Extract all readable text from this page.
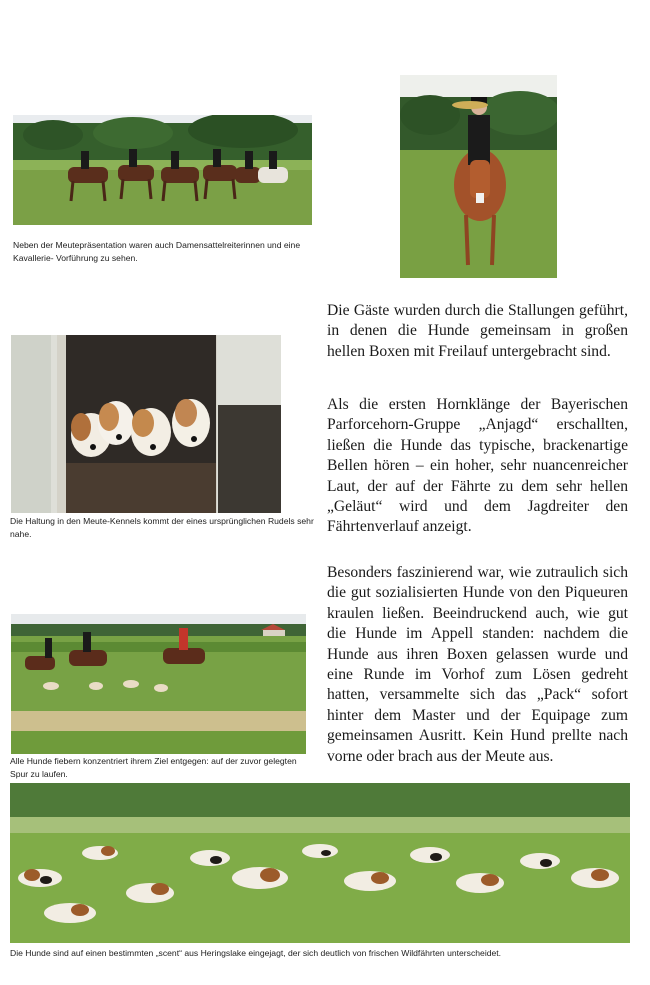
Neben der Meutepräsentation waren auch Damensattelreiterinnen und eine Kavallerie- Vorführung zu sehen.
Die Haltung in den Meute-Kennels kommt der eines ursprünglichen Rudels sehr nahe.
Alle Hunde fiebern konzentriert ihrem Ziel entgegen: auf der zuvor gelegten Spur zu laufen.
Die Hunde sind auf einen bestimmten „scent“ aus Heringslake eingejagt, der sich deutlich von frischen Wildfährten unterscheidet.

Die Gäste wurden durch die Stallungen geführt, in denen die Hunde gemeinsam in großen hellen Boxen mit Freilauf untergebracht sind.

Als die ersten Hornklänge der Bayerischen Parforcehorn-Gruppe „Anjagd“ erschallten, ließen die Hunde das typische, brackenartige Bellen hören – ein hoher, sehr nuancenreicher Laut, der auf der Fährte zu dem sehr hellen „Geläut“ wird und dem Jagdreiter den Fährtenverlauf anzeigt.

Besonders faszinierend war, wie zutraulich sich die gut sozialisierten Hunde von den Piqueuren kraulen ließen. Beeindruckend auch, wie gut die Hunde im Appell standen: nachdem die Hunde aus ihren Boxen gelassen wurde und eine Runde im Vorhof zum Lösen gedreht hatten, versammelte sich das „Pack“ sofort hinter dem Master und der Equipage zum gemeinsamen Ausritt. Kein Hund prellte nach vorne oder brach aus der Meute aus.
